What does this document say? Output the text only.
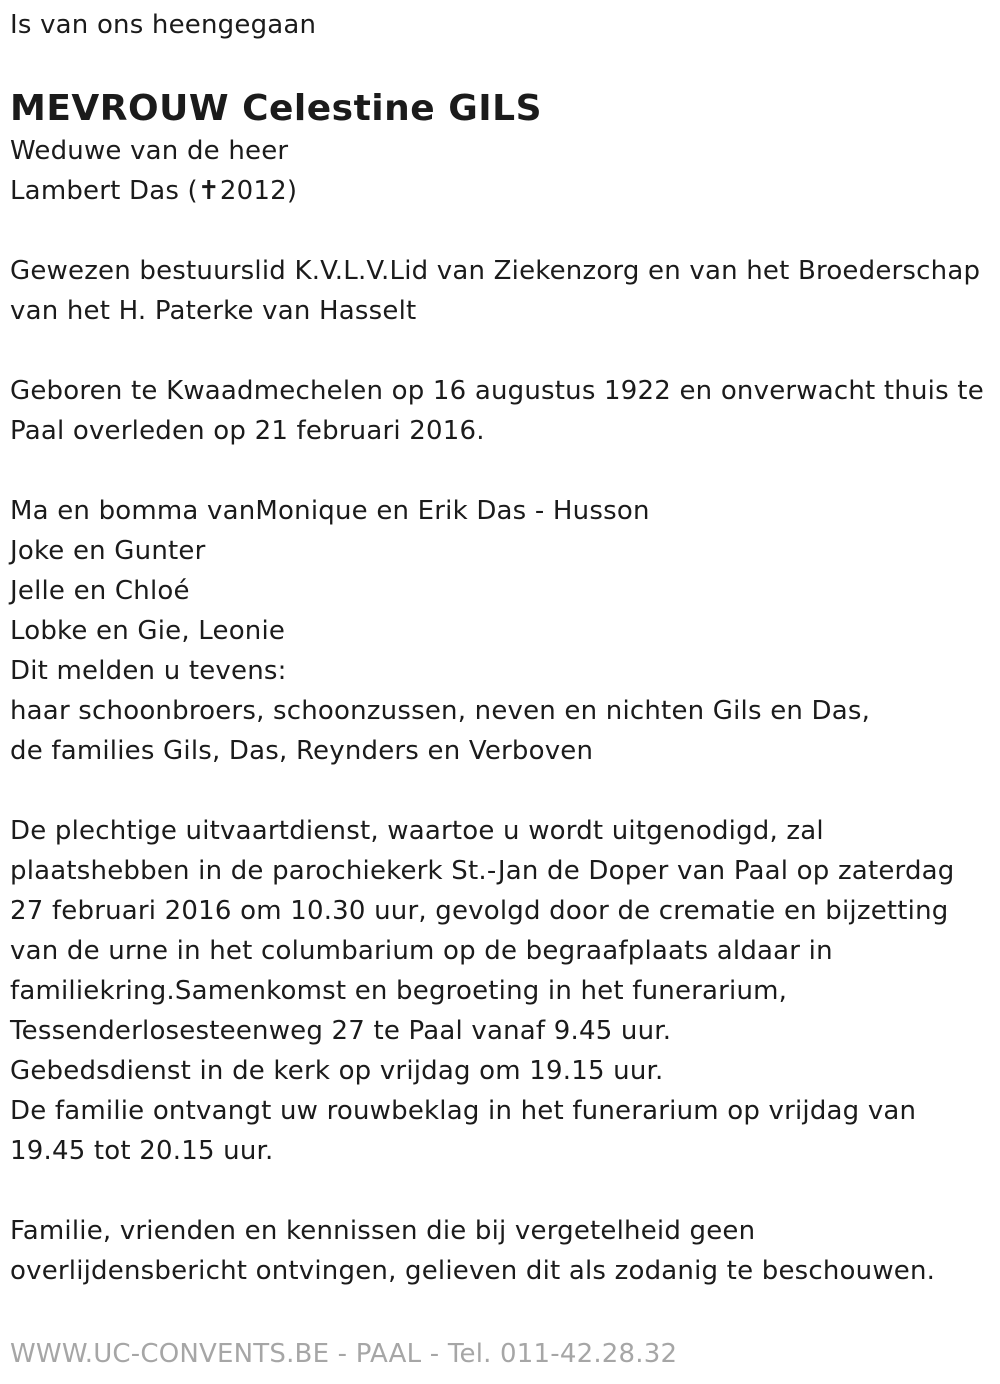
Is van ons heengegaan
MEVROUW Celestine GILS
Weduwe van de heer
Lambert Das (✝2012)
Gewezen bestuurslid K.V.L.V.Lid van Ziekenzorg en van het Broederschap
van het H. Paterke van Hasselt
Geboren te Kwaadmechelen op 16 augustus 1922 en onverwacht thuis te
Paal overleden op 21 februari 2016.
Ma en bomma vanMonique en Erik Das - Husson
Joke en Gunter
Jelle en Chloé
Lobke en Gie, Leonie
Dit melden u tevens:
haar schoonbroers, schoonzussen, neven en nichten Gils en Das,
de families Gils, Das, Reynders en Verboven
De plechtige uitvaartdienst, waartoe u wordt uitgenodigd, zal
plaatshebben in de parochiekerk St.-Jan de Doper van Paal op zaterdag
27 februari 2016 om 10.30 uur, gevolgd door de crematie en bijzetting
van de urne in het columbarium op de begraafplaats aldaar in
familiekring.Samenkomst en begroeting in het funerarium,
Tessenderlosesteenweg 27 te Paal vanaf 9.45 uur.
Gebedsdienst in de kerk op vrijdag om 19.15 uur.
De familie ontvangt uw rouwbeklag in het funerarium op vrijdag van
19.45 tot 20.15 uur.
Familie, vrienden en kennissen die bij vergetelheid geen
overlijdensbericht ontvingen, gelieven dit als zodanig te beschouwen.
WWW.UC-CONVENTS.BE - PAAL - Tel. 011-42.28.32
